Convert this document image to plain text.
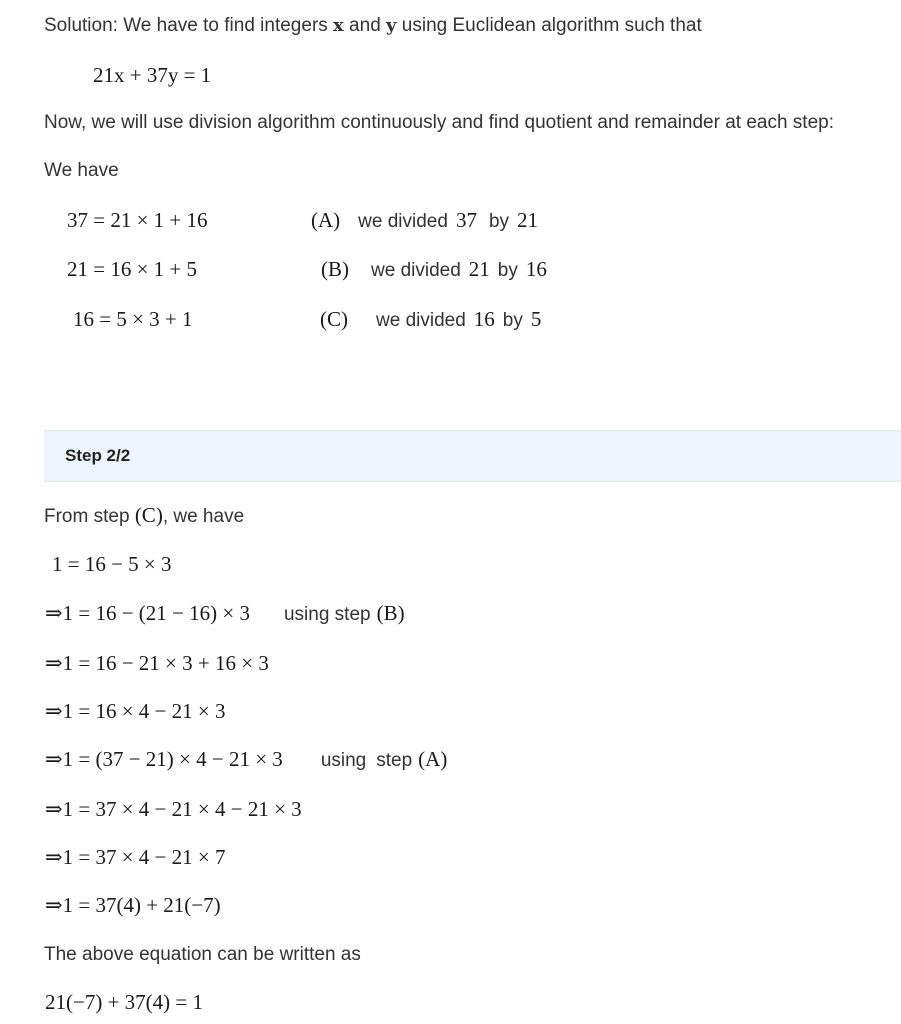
Solution: We have to find integers x and y using Euclidean algorithm such that
21x + 37y = 1
Now, we will use division algorithm continuously and find quotient and remainder at each step:
We have
37 = 21 × 1 + 16	(A) we divided 37 by 21
21 = 16 × 1 + 5	(B) we divided 21 by 16
16 = 5 × 3 + 1	(C) we divided 16 by 5
Step 2/2
From step (C), we have
1 = 16 − 5 × 3
⇒1 = 16 − (21 − 16) × 3 using step (B)
⇒1 = 16 − 21 × 3 + 16 × 3
⇒1 = 16 × 4 − 21 × 3
⇒1 = (37 − 21) × 4 − 21 × 3 using step (A)
⇒1 = 37 × 4 − 21 × 4 − 21 × 3
⇒1 = 37 × 4 − 21 × 7
⇒1 = 37(4) + 21(−7)
The above equation can be written as
21(−7) + 37(4) = 1
